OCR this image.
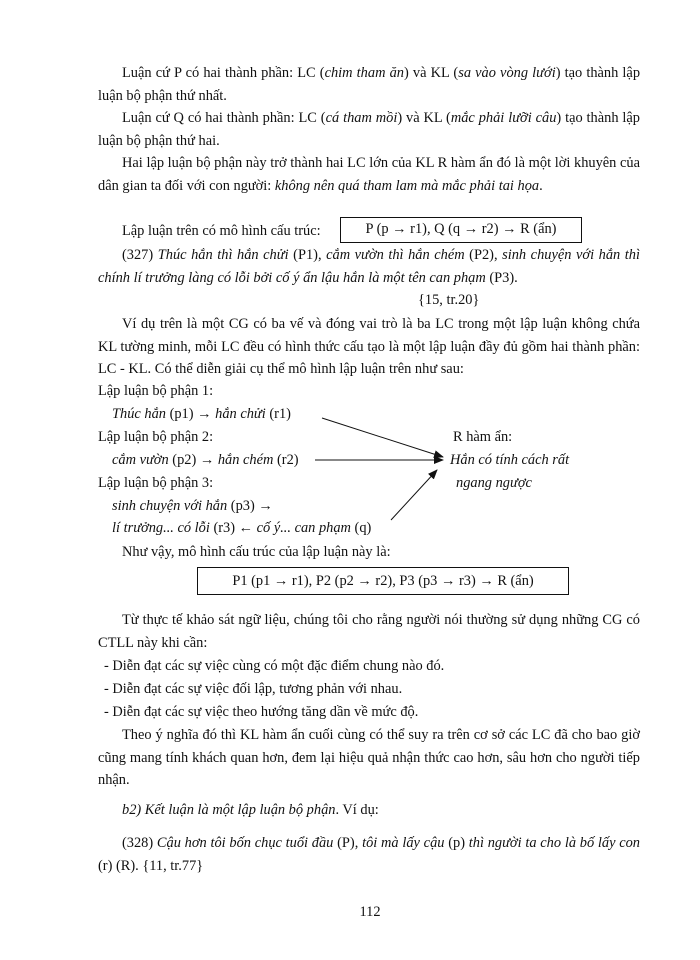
Luận cứ P có hai thành phần: LC (chim tham ăn) và KL (sa vào vòng lưới) tạo thành lập luận bộ phận thứ nhất.

Luận cứ Q có hai thành phần: LC (cá tham mồi) và KL (mắc phải lưỡi câu) tạo thành lập luận bộ phận thứ hai.

Hai lập luận bộ phận này trở thành hai LC lớn của KL R hàm ẩn đó là một lời khuyên của dân gian ta đối với con người: không nên quá tham lam mà mắc phải tai họa.

Lập luận trên có mô hình cấu trúc:	P (p → r1), Q (q → r2) → R (ẩn)

(327) Thúc hắn thì hắn chửi (P1), cắm vườn thì hắn chém (P2), sinh chuyện với hắn thì chính lí trưởng làng có lỗi bởi cố ý ẩn lậu hắn là một tên can phạm (P3).

{15, tr.20}

Ví dụ trên là một CG có ba vế và đóng vai trò là ba LC trong một lập luận không chứa KL tường minh, mỗi LC đều có hình thức cấu tạo là một lập luận đầy đủ gồm hai thành phần: LC - KL. Có thể diễn giải cụ thể mô hình lập luận trên như sau:

Lập luận bộ phận 1:
Thúc hắn (p1) → hắn chửi (r1)
Lập luận bộ phận 2:	R hàm ẩn:
cắm vườn (p2) → hắn chém (r2)	Hắn có tính cách rất
Lập luận bộ phận 3:	ngang ngược
sinh chuyện với hắn (p3) →
lí trưởng... có lỗi (r3) ← cố ý... can phạm (q)
Như vậy, mô hình cấu trúc của lập luận này là:
P1 (p1 → r1), P2 (p2 → r2), P3 (p3 → r3) → R (ẩn)

Từ thực tế khảo sát ngữ liệu, chúng tôi cho rằng người nói thường sử dụng những CG có CTLL này khi cần:

- Diễn đạt các sự việc cùng có một đặc điểm chung nào đó.
- Diễn đạt các sự việc đối lập, tương phản với nhau.
- Diễn đạt các sự việc theo hướng tăng dần về mức độ.

Theo ý nghĩa đó thì KL hàm ẩn cuối cùng có thể suy ra trên cơ sở các LC đã cho bao giờ cũng mang tính khách quan hơn, đem lại hiệu quả nhận thức cao hơn, sâu hơn cho người tiếp nhận.

b2) Kết luận là một lập luận bộ phận. Ví dụ:

(328) Cậu hơn tôi bốn chục tuổi đầu (P), tôi mà lấy cậu (p) thì người ta cho là bố lấy con (r) (R). {11, tr.77}

112
